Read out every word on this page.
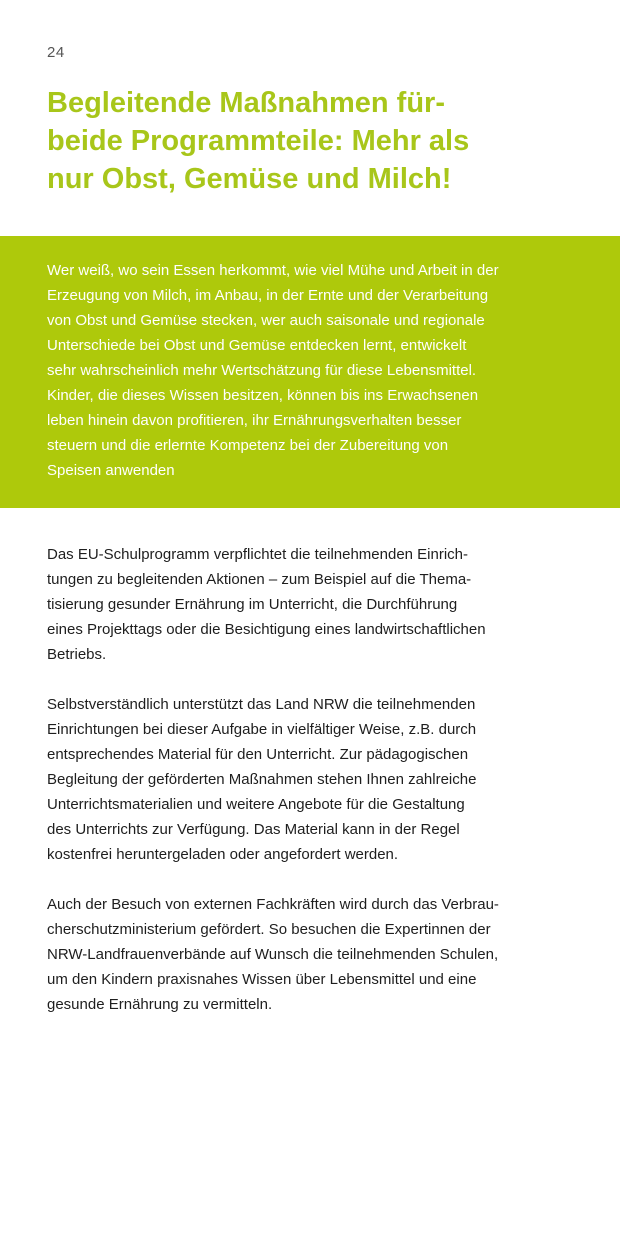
24
Begleitende Maßnahmen für-
beide Programmteile: Mehr als
nur Obst, Gemüse und Milch!

Wer weiß, wo sein Essen herkommt, wie viel Mühe und Arbeit in der
Erzeugung von Milch, im Anbau, in der Ernte und der Verarbeitung
von Obst und Gemüse stecken, wer auch saisonale und regionale
Unterschiede bei Obst und Gemüse entdecken lernt, entwickelt
sehr wahrscheinlich mehr Wertschätzung für diese Lebensmittel.
Kinder, die dieses Wissen besitzen, können bis ins Erwachsenen
leben hinein davon profitieren, ihr Ernährungsverhalten besser
steuern und die erlernte Kompetenz bei der Zubereitung von
Speisen anwenden

Das EU-Schulprogramm verpflichtet die teilnehmenden Einrich-
tungen zu begleitenden Aktionen – zum Beispiel auf die Thema-
tisierung gesunder Ernährung im Unterricht, die Durchführung
eines Projekttags oder die Besichtigung eines landwirtschaftlichen
Betriebs.

Selbstverständlich unterstützt das Land NRW die teilnehmenden
Einrichtungen bei dieser Aufgabe in vielfältiger Weise, z.B. durch
entsprechendes Material für den Unterricht. Zur pädagogischen
Begleitung der geförderten Maßnahmen stehen Ihnen zahlreiche
Unterrichtsmaterialien und weitere Angebote für die Gestaltung
des Unterrichts zur Verfügung. Das Material kann in der Regel
kostenfrei heruntergeladen oder angefordert werden.

Auch der Besuch von externen Fachkräften wird durch das Verbrau-
cherschutzministerium gefördert. So besuchen die Expertinnen der
NRW-Landfrauenverbände auf Wunsch die teilnehmenden Schulen,
um den Kindern praxisnahes Wissen über Lebensmittel und eine
gesunde Ernährung zu vermitteln.
